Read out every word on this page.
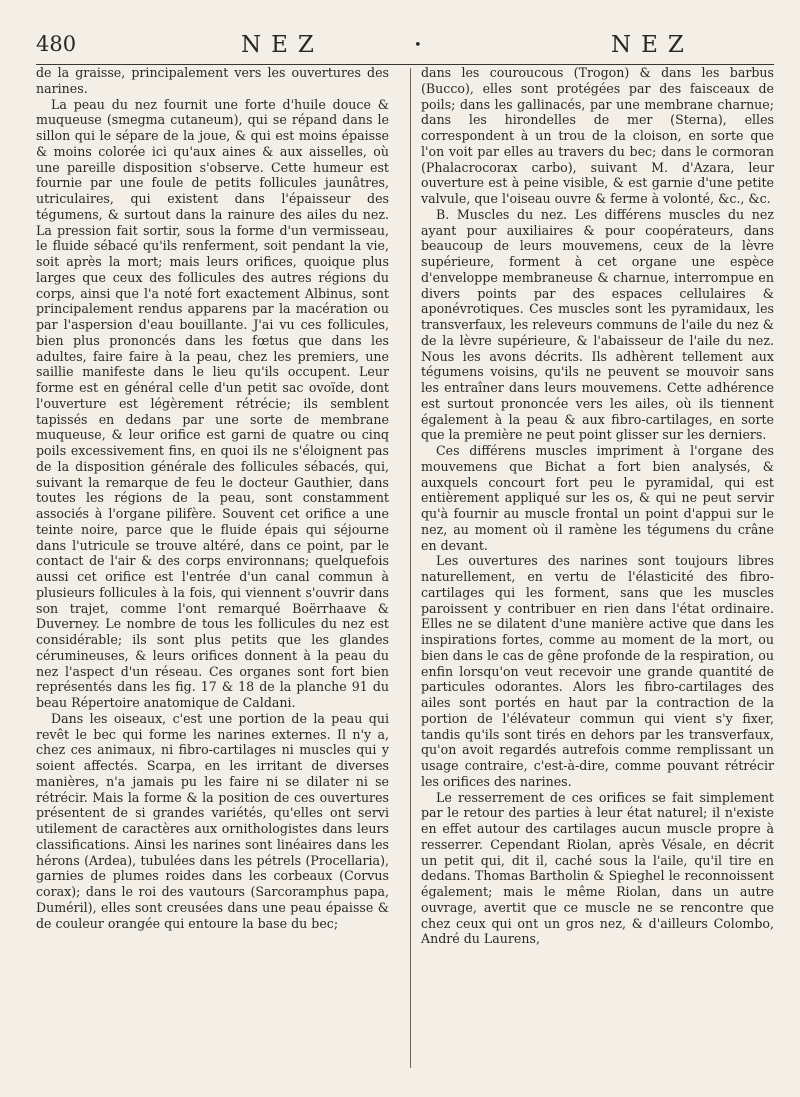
480	NEZ	•	NEZ

de la graisse, principalement vers les ouvertures des narines.

La peau du nez fournit une forte d'huile douce & muqueuse (smegma cutaneum), qui se répand dans le sillon qui le sépare de la joue, & qui est moins épaisse & moins colorée ici qu'aux aines & aux aisselles, où une pareille disposition s'observe. Cette humeur est fournie par une foule de petits follicules jaunâtres, utriculaires, qui existent dans l'épaisseur des tégumens, & surtout dans la rainure des ailes du nez. La pression fait sortir, sous la forme d'un vermisseau, le fluide sébacé qu'ils renferment, soit pendant la vie, soit après la mort; mais leurs orifices, quoique plus larges que ceux des follicules des autres régions du corps, ainsi que l'a noté fort exactement Albinus, sont principalement rendus apparens par la macération ou par l'aspersion d'eau bouillante. J'ai vu ces follicules, bien plus prononcés dans les fœtus que dans les adultes, faire faire à la peau, chez les premiers, une saillie manifeste dans le lieu qu'ils occupent. Leur forme est en général celle d'un petit sac ovoïde, dont l'ouverture est légèrement rétrécie; ils semblent tapissés en dedans par une sorte de membrane muqueuse, & leur orifice est garni de quatre ou cinq poils excessivement fins, en quoi ils ne s'éloignent pas de la disposition générale des follicules sébacés, qui, suivant la remarque de feu le docteur Gauthier, dans toutes les régions de la peau, sont constamment associés à l'organe pilifère. Souvent cet orifice a une teinte noire, parce que le fluide épais qui séjourne dans l'utricule se trouve altéré, dans ce point, par le contact de l'air & des corps environnans; quelquefois aussi cet orifice est l'entrée d'un canal commun à plusieurs follicules à la fois, qui viennent s'ouvrir dans son trajet, comme l'ont remarqué Boërrhaave & Duverney. Le nombre de tous les follicules du nez est considérable; ils sont plus petits que les glandes cérumineuses, & leurs orifices donnent à la peau du nez l'aspect d'un réseau. Ces organes sont fort bien représentés dans les fig. 17 & 18 de la planche 91 du beau Répertoire anatomique de Caldani.

Dans les oiseaux, c'est une portion de la peau qui revêt le bec qui forme les narines externes. Il n'y a, chez ces animaux, ni fibro-cartilages ni muscles qui y soient affectés. Scarpa, en les irritant de diverses manières, n'a jamais pu les faire ni se dilater ni se rétrécir. Mais la forme & la position de ces ouvertures présentent de si grandes variétés, qu'elles ont servi utilement de caractères aux ornithologistes dans leurs classifications. Ainsi les narines sont linéaires dans les hérons (Ardea), tubulées dans les pétrels (Procellaria), garnies de plumes roides dans les corbeaux (Corvus corax); dans le roi des vautours (Sarcoramphus papa, Duméril), elles sont creusées dans une peau épaisse & de couleur orangée qui entoure la base du bec;

dans les couroucous (Trogon) & dans les barbus (Bucco), elles sont protégées par des faisceaux de poils; dans les gallinacés, par une membrane charnue; dans les hirondelles de mer (Sterna), elles correspondent à un trou de la cloison, en sorte que l'on voit par elles au travers du bec; dans le cormoran (Phalacrocorax carbo), suivant M. d'Azara, leur ouverture est à peine visible, & est garnie d'une petite valvule, que l'oiseau ouvre & ferme à volonté, &c., &c.

B. Muscles du nez. Les différens muscles du nez ayant pour auxiliaires & pour coopérateurs, dans beaucoup de leurs mouvemens, ceux de la lèvre supérieure, forment à cet organe une espèce d'enveloppe membraneuse & charnue, interrompue en divers points par des espaces cellulaires & aponévrotiques. Ces muscles sont les pyramidaux, les transverfaux, les releveurs communs de l'aile du nez & de la lèvre supérieure, & l'abaisseur de l'aile du nez. Nous les avons décrits. Ils adhèrent tellement aux tégumens voisins, qu'ils ne peuvent se mouvoir sans les entraîner dans leurs mouvemens. Cette adhérence est surtout prononcée vers les ailes, où ils tiennent également à la peau & aux fibro-cartilages, en sorte que la première ne peut point glisser sur les derniers.

Ces différens muscles impriment à l'organe des mouvemens que Bichat a fort bien analysés, & auxquels concourt fort peu le pyramidal, qui est entièrement appliqué sur les os, & qui ne peut servir qu'à fournir au muscle frontal un point d'appui sur le nez, au moment où il ramène les tégumens du crâne en devant.

Les ouvertures des narines sont toujours libres naturellement, en vertu de l'élasticité des fibro-cartilages qui les forment, sans que les muscles paroissent y contribuer en rien dans l'état ordinaire. Elles ne se dilatent d'une manière active que dans les inspirations fortes, comme au moment de la mort, ou bien dans le cas de gêne profonde de la respiration, ou enfin lorsqu'on veut recevoir une grande quantité de particules odorantes. Alors les fibro-cartilages des ailes sont portés en haut par la contraction de la portion de l'élévateur commun qui vient s'y fixer, tandis qu'ils sont tirés en dehors par les transverfaux, qu'on avoit regardés autrefois comme remplissant un usage contraire, c'est-à-dire, comme pouvant rétrécir les orifices des narines.

Le resserrement de ces orifices se fait simplement par le retour des parties à leur état naturel; il n'existe en effet autour des cartilages aucun muscle propre à resserrer. Cependant Riolan, après Vésale, en décrit un petit qui, dit il, caché sous la l'aile, qu'il tire en dedans. Thomas Bartholin & Spieghel le reconnoissent également; mais le même Riolan, dans un autre ouvrage, avertit que ce muscle ne se rencontre que chez ceux qui ont un gros nez, & d'ailleurs Colombo, André du Laurens,
